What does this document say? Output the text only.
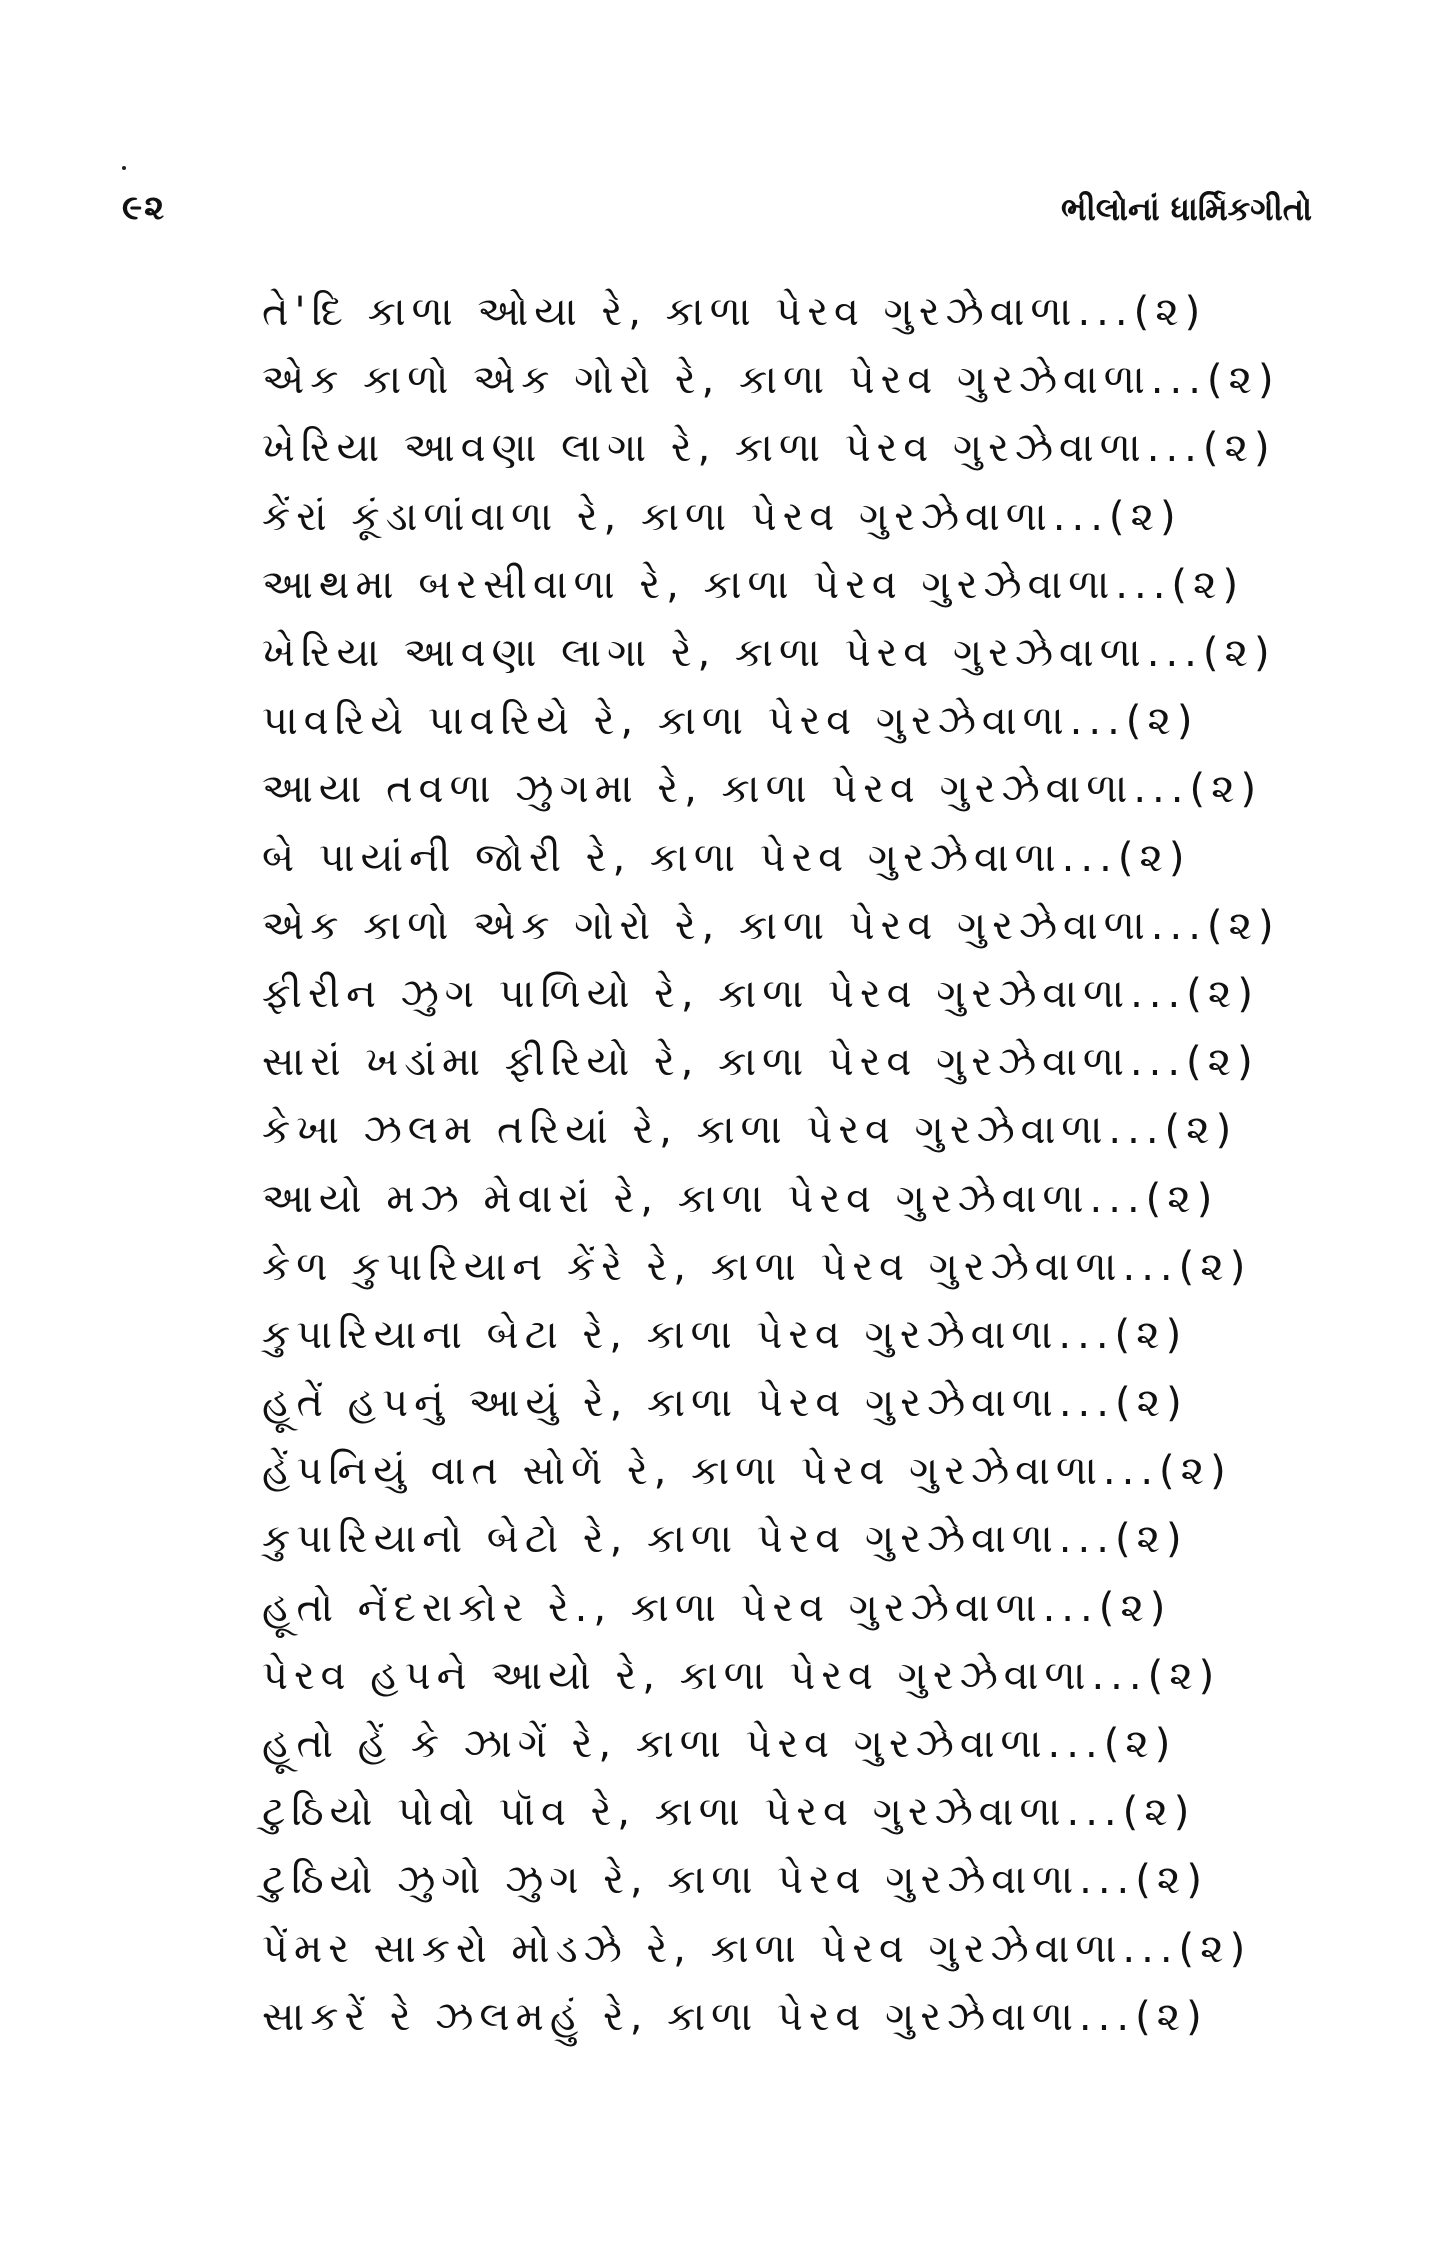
૯૨	ભીલોનાં ધાર્મિકગીતો
તે'દિ કાળા ઓયા રે, કાળા પેરવ ગુરઝેવાળા...(૨)
એક કાળો એક ગોરો રે, કાળા પેરવ ગુરઝેવાળા...(૨)
ખેરિયા આવણા લાગા રે, કાળા પેરવ ગુરઝેવાળા...(૨)
કેંરાં કૂંડાળાંવાળા રે, કાળા પેરવ ગુરઝેવાળા...(૨)
આથમા બરસીવાળા રે, કાળા પેરવ ગુરઝેવાળા...(૨)
ખેરિયા આવણા લાગા રે, કાળા પેરવ ગુરઝેવાળા...(૨)
પાવરિયે પાવરિયે રે, કાળા પેરવ ગુરઝેવાળા...(૨)
આયા તવળા ઝુગમા રે, કાળા પેરવ ગુરઝેવાળા...(૨)
બે પાયાંની જોરી રે, કાળા પેરવ ગુરઝેવાળા...(૨)
એક કાળો એક ગોરો રે, કાળા પેરવ ગુરઝેવાળા...(૨)
ફીરીન ઝુગ પાળિયો રે, કાળા પેરવ ગુરઝેવાળા...(૨)
સારાં ખડાંમા ફીરિયો રે, કાળા પેરવ ગુરઝેવાળા...(૨)
કેખા ઝલમ તરિયાં રે, કાળા પેરવ ગુરઝેવાળા...(૨)
આયો મઝ મેવારાં રે, કાળા પેરવ ગુરઝેવાળા...(૨)
કેળ કુપારિયાન કેંરે રે, કાળા પેરવ ગુરઝેવાળા...(૨)
કુપારિયાના બેટા રે, કાળા પેરવ ગુરઝેવાળા...(૨)
હૂતેં હપનું આયું રે, કાળા પેરવ ગુરઝેવાળા...(૨)
હેંપનિયું વાત સોળેં રે, કાળા પેરવ ગુરઝેવાળા...(૨)
કુપારિયાનો બેટો રે, કાળા પેરવ ગુરઝેવાળા...(૨)
હૂતો નેંદરાકોર રે., કાળા પેરવ ગુરઝેવાળા...(૨)
પેરવ હપને આયો રે, કાળા પેરવ ગુરઝેવાળા...(૨)
હૂતો હેં કે ઝાગેં રે, કાળા પેરવ ગુરઝેવાળા...(૨)
ટુઠિયો પોવો પૉવ રે, કાળા પેરવ ગુરઝેવાળા...(૨)
ટુઠિયો ઝુગો ઝુગ રે, કાળા પેરવ ગુરઝેવાળા...(૨)
પેંમર સાકરો મોડઝે રે, કાળા પેરવ ગુરઝેવાળા...(૨)
સાકરેં રે ઝલમહું રે, કાળા પેરવ ગુરઝેવાળા...(૨)
